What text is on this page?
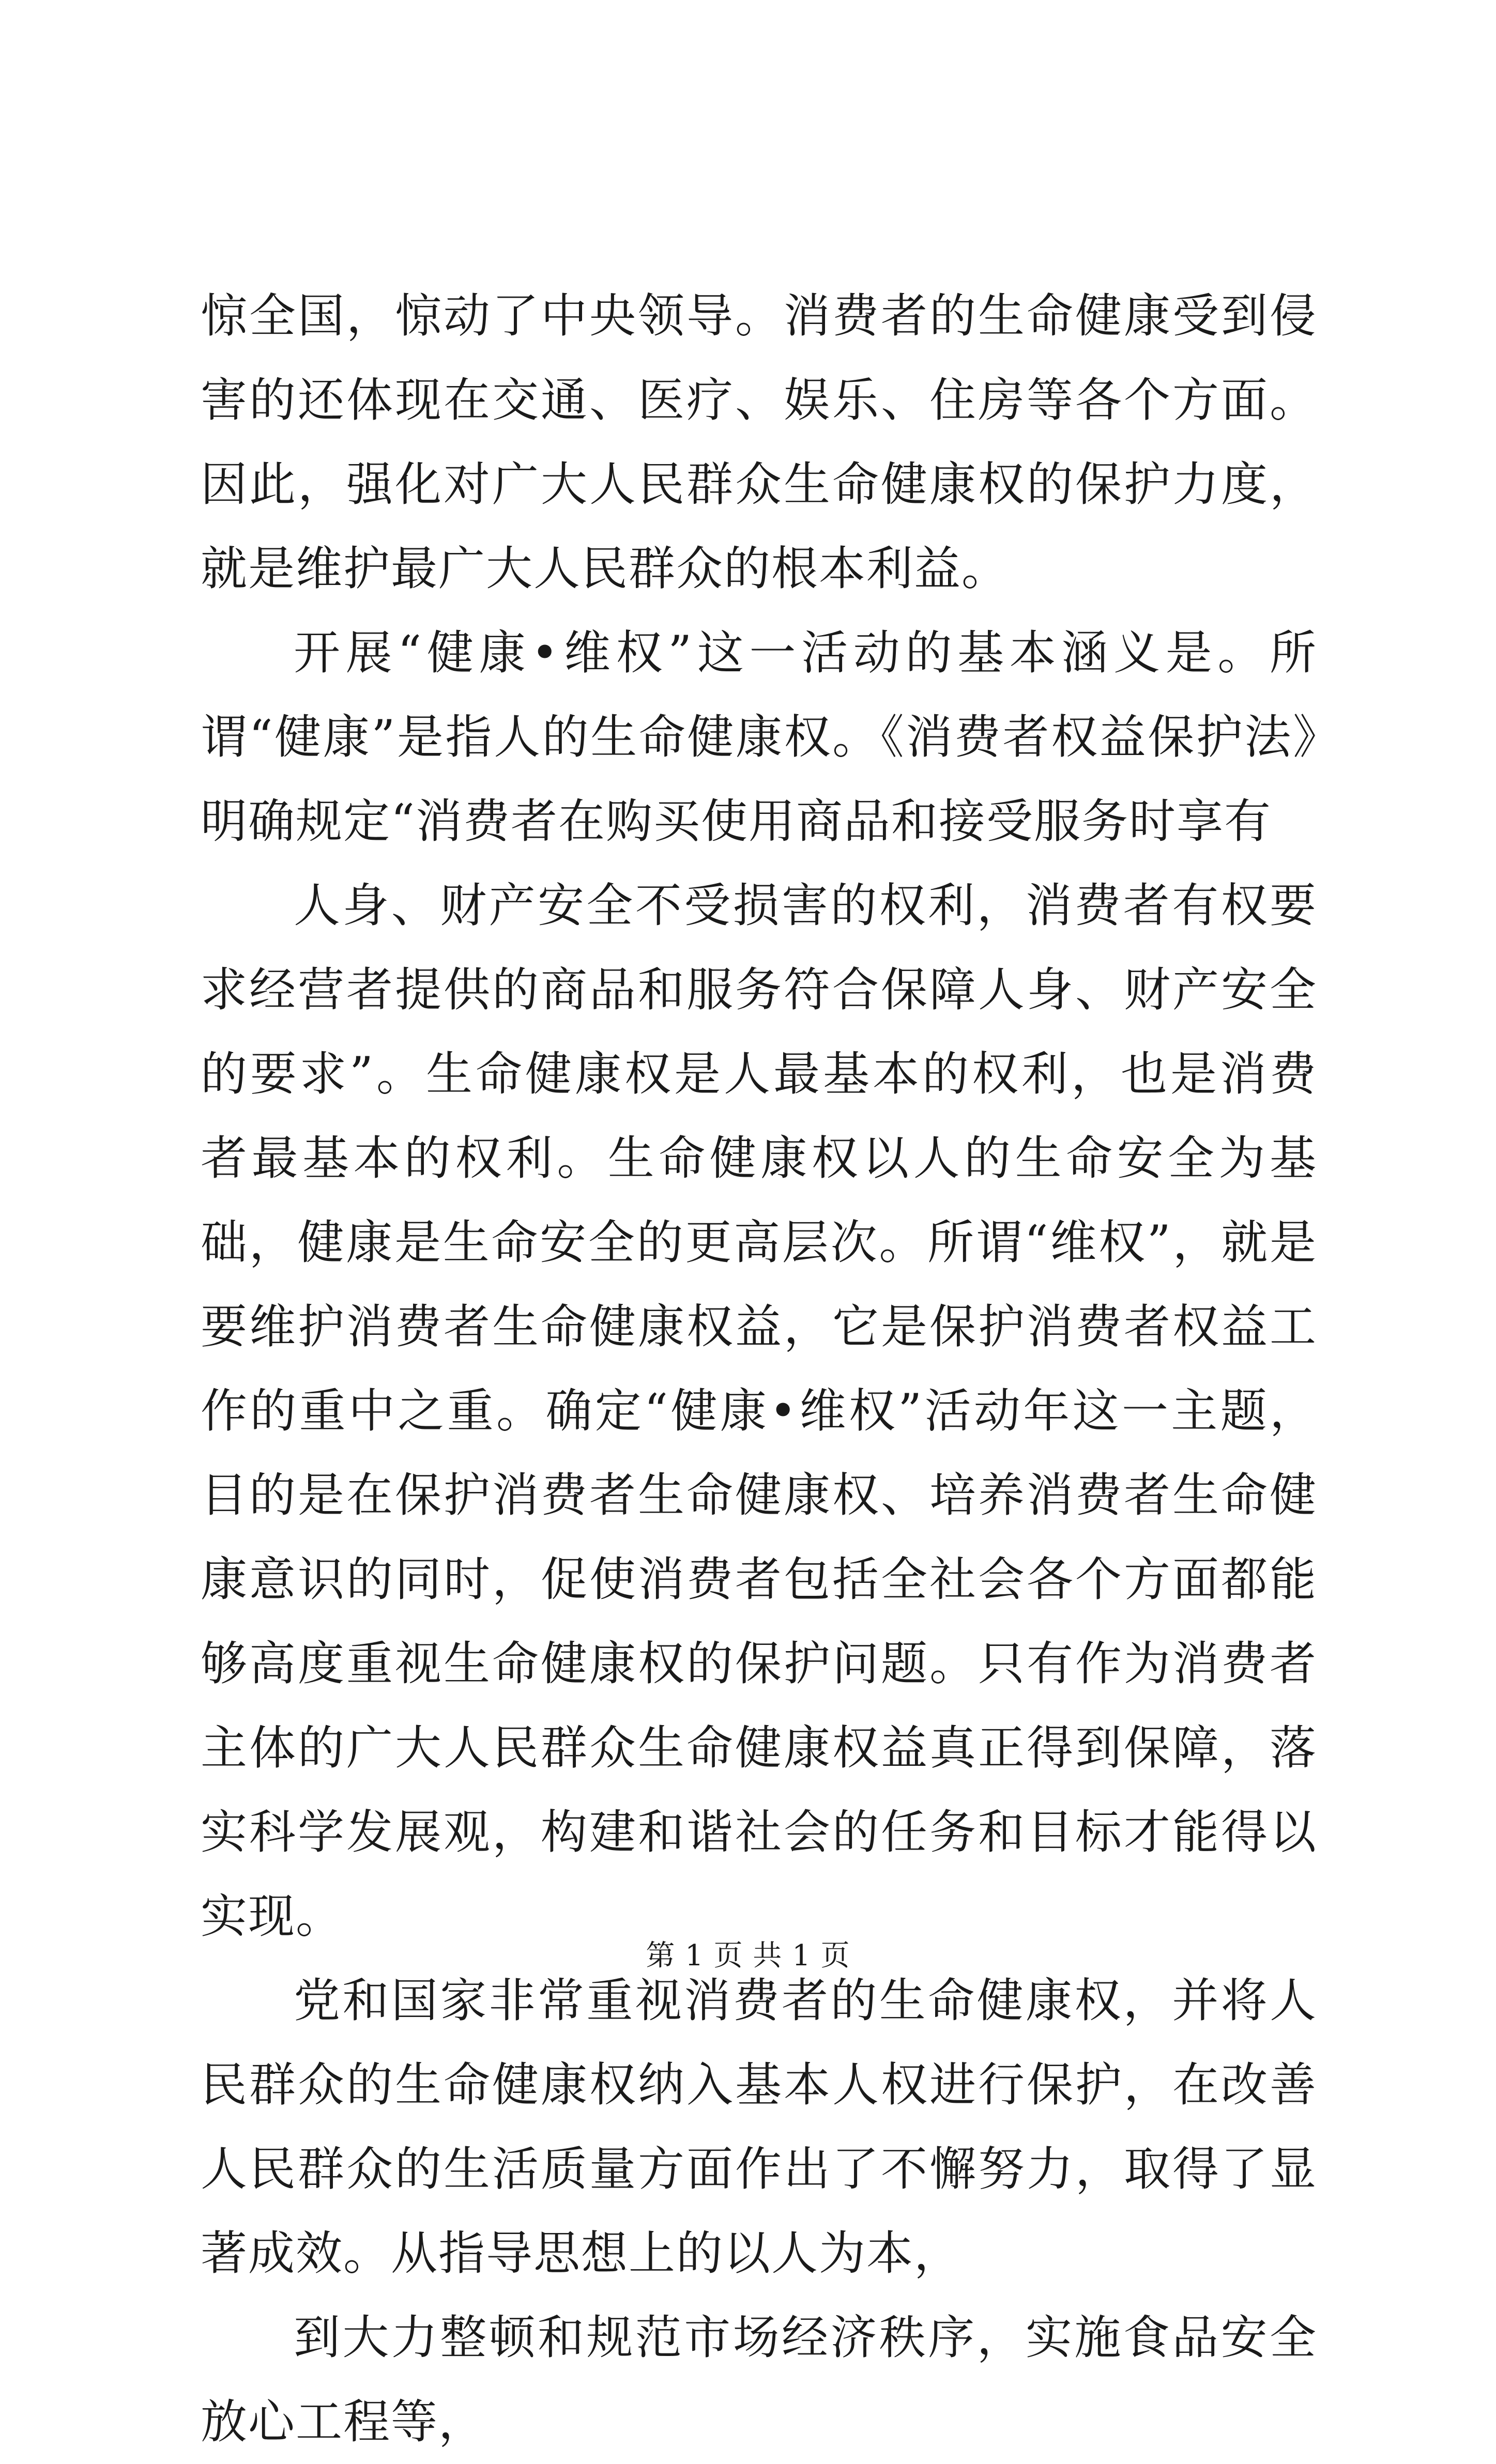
惊全国，惊动了中央领导。消费者的生命健康受到侵害的还体现在交通、医疗、娱乐、住房等各个方面。因此，强化对广大人民群众生命健康权的保护力度，就是维护最广大人民群众的根本利益。

开展“健康•维权”这一活动的基本涵义是。所谓“健康”是指人的生命健康权。《消费者权益保护法》明确规定“消费者在购买使用商品和接受服务时享有

人身、财产安全不受损害的权利，消费者有权要求经营者提供的商品和服务符合保障人身、财产安全的要求”。生命健康权是人最基本的权利，也是消费者最基本的权利。生命健康权以人的生命安全为基础，健康是生命安全的更高层次。所谓“维权”，就是要维护消费者生命健康权益，它是保护消费者权益工作的重中之重。确定“健康•维权”活动年这一主题，目的是在保护消费者生命健康权、培养消费者生命健康意识的同时，促使消费者包括全社会各个方面都能够高度重视生命健康权的保护问题。只有作为消费者主体的广大人民群众生命健康权益真正得到保障，落实科学发展观，构建和谐社会的任务和目标才能得以实现。

党和国家非常重视消费者的生命健康权，并将人民群众的生命健康权纳入基本人权进行保护，在改善人民群众的生活质量方面作出了不懈努力，取得了显著成效。从指导思想上的以人为本，

到大力整顿和规范市场经济秩序，实施食品安全放心工程等，

第 1 页 共 1 页
